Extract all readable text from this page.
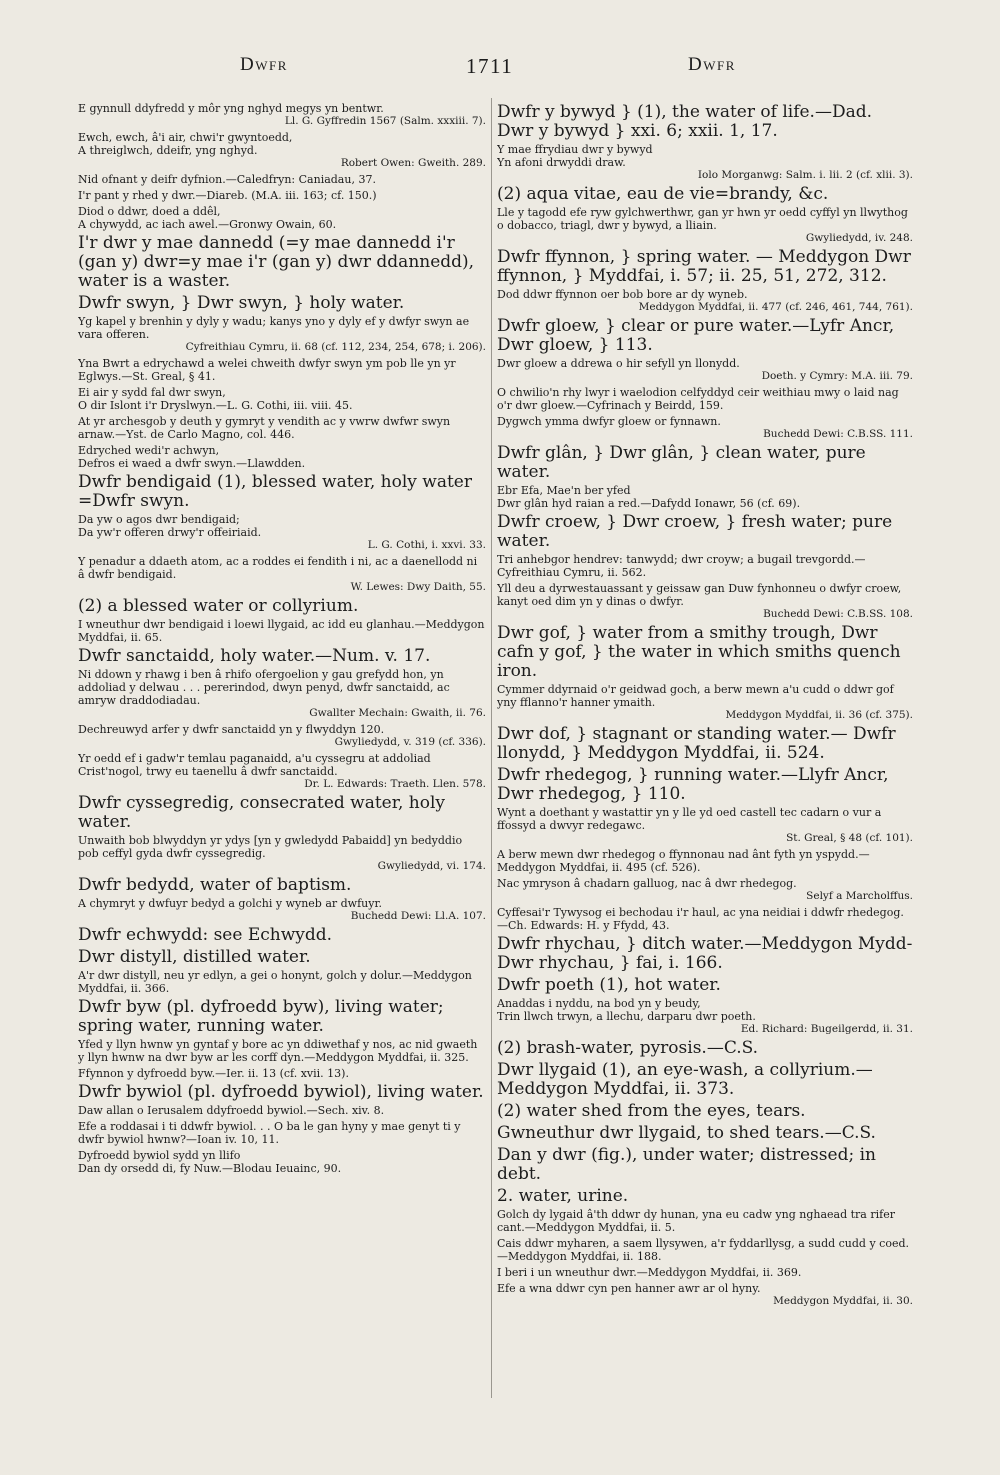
Dwfr	1711	Dwfr
E gynnull ddyfredd y môr yng nghyd megys yn bentwr.
Ll. G. Gyffredin 1567 (Salm. xxxiii. 7).
Ewch, ewch, â'i air, chwi'r gwyntoedd,
A threiglwch, ddeifr, yng nghyd.
Robert Owen: Gweith. 289.
Nid ofnant y deifr dyfnion.—Caledfryn: Caniadau, 37.
I'r pant y rhed y dwr.—Diareb. (M.A. iii. 163; cf. 150.)
Diod o ddwr, doed a ddêl,
A chywydd, ac iach awel.—Gronwy Owain, 60.
I'r dwr y mae dannedd (=y mae dannedd i'r (gan y) dwr=y mae i'r (gan y) dwr ddannedd), water is a waster.
Dwfr swyn, } Dwr swyn, } holy water.
Yg kapel y brenhin y dyly y wadu; kanys yno y dyly ef y dwfyr swyn ae vara offeren.
Cyfreithiau Cymru, ii. 68 (cf. 112, 234, 254, 678; i. 206).
Yna Bwrt a edrychawd a welei chweith dwfyr swyn ym pob lle yn yr Eglwys.—St. Greal, § 41.
Ei air y sydd fal dwr swyn,
O dir Islont i'r Dryslwyn.—L. G. Cothi, iii. viii. 45.
At yr archesgob y deuth y gymryt y vendith ac y vwrw dwfwr swyn arnaw.—Yst. de Carlo Magno, col. 446.
Edryched wedi'r achwyn,
Defros ei waed a dwfr swyn.—Llawdden.
Dwfr bendigaid (1), blessed water, holy water =Dwfr swyn.
Da yw o agos dwr bendigaid;
Da yw'r offeren drwy'r offeiriaid.
L. G. Cothi, i. xxvi. 33.
Y penadur a ddaeth atom, ac a roddes ei fendith i ni, ac a daenellodd ni â dwfr bendigaid.
W. Lewes: Dwy Daith, 55.
(2) a blessed water or collyrium.
I wneuthur dwr bendigaid i loewi llygaid, ac idd eu glanhau.—Meddygon Myddfai, ii. 65.
Dwfr sanctaidd, holy water.—Num. v. 17.
Ni ddown y rhawg i ben â rhifo ofergoelion y gau grefydd hon, yn addoliad y delwau . . . pererindod, dwyn penyd, dwfr sanctaidd, ac amryw draddodiadau.
Gwallter Mechain: Gwaith, ii. 76.
Dechreuwyd arfer y dwfr sanctaidd yn y flwyddyn 120.
Gwyliedydd, v. 319 (cf. 336).
Yr oedd ef i gadw'r temlau paganaidd, a'u cyssegru at addoliad Crist'nogol, trwy eu taenellu â dwfr sanctaidd.
Dr. L. Edwards: Traeth. Llen. 578.
Dwfr cyssegredig, consecrated water, holy water.
Unwaith bob blwyddyn yr ydys [yn y gwledydd Pabaidd] yn bedyddio pob ceffyl gyda dwfr cyssegredig.
Gwyliedydd, vi. 174.
Dwfr bedydd, water of baptism.
A chymryt y dwfuyr bedyd a golchi y wyneb ar dwfuyr.
Buchedd Dewi: Ll.A. 107.
Dwfr echwydd: see Echwydd.
Dwr distyll, distilled water.
A'r dwr distyll, neu yr edlyn, a gei o honynt, golch y dolur.—Meddygon Myddfai, ii. 366.
Dwfr byw (pl. dyfroedd byw), living water; spring water, running water.
Yfed y llyn hwnw yn gyntaf y bore ac yn ddiwethaf y nos, ac nid gwaeth y llyn hwnw na dwr byw ar les corff dyn.—Meddygon Myddfai, ii. 325.
Ffynnon y dyfroedd byw.—Ier. ii. 13 (cf. xvii. 13).
Dwfr bywiol (pl. dyfroedd bywiol), living water.
Daw allan o Ierusalem ddyfroedd bywiol.—Sech. xiv. 8.
Efe a roddasai i ti ddwfr bywiol. . . O ba le gan hyny y mae genyt ti y dwfr bywiol hwnw?—Ioan iv. 10, 11.
Dyfroedd bywiol sydd yn llifo
Dan dy orsedd di, fy Nuw.—Blodau Ieuainc, 90.
Dwfr y bywyd } (1), the water of life.—Dad. Dwr y bywyd } xxi. 6; xxii. 1, 17.
Y mae ffrydiau dwr y bywyd
Yn afoni drwyddi draw.
Iolo Morganwg: Salm. i. lii. 2 (cf. xlii. 3).
(2) aqua vitae, eau de vie=brandy, &c.
Lle y tagodd efe ryw gylchwerthwr, gan yr hwn yr oedd cyffyl yn llwythog o dobacco, triagl, dwr y bywyd, a lliain.
Gwyliedydd, iv. 248.
Dwfr ffynnon, } spring water. — Meddygon Dwr ffynnon, } Myddfai, i. 57; ii. 25, 51, 272, 312.
Dod ddwr ffynnon oer bob bore ar dy wyneb.
Meddygon Myddfai, ii. 477 (cf. 246, 461, 744, 761).
Dwfr gloew, } clear or pure water.—Lyfr Ancr, Dwr gloew, } 113.
Dwr gloew a ddrewa o hir sefyll yn llonydd.
Doeth. y Cymry: M.A. iii. 79.
O chwilio'n rhy lwyr i waelodion celfyddyd ceir weithiau mwy o laid nag o'r dwr gloew.—Cyfrinach y Beirdd, 159.
Dygwch ymma dwfyr gloew or fynnawn.
Buchedd Dewi: C.B.SS. 111.
Dwfr glân, } Dwr glân, } clean water, pure water.
Ebr Efa, Mae'n ber yfed
Dwr glân hyd raian a red.—Dafydd Ionawr, 56 (cf. 69).
Dwfr croew, } Dwr croew, } fresh water; pure water.
Tri anhebgor hendrev: tanwydd; dwr croyw; a bugail trevgordd.—Cyfreithiau Cymru, ii. 562.
Yll deu a dyrwestauassant y geissaw gan Duw fynhonneu o dwfyr croew, kanyt oed dim yn y dinas o dwfyr.
Buchedd Dewi: C.B.SS. 108.
Dwr gof, } water from a smithy trough, Dwr cafn y gof, } the water in which smiths quench iron.
Cymmer ddyrnaid o'r geidwad goch, a berw mewn a'u cudd o ddwr gof yny fflanno'r hanner ymaith.
Meddygon Myddfai, ii. 36 (cf. 375).
Dwr dof, } stagnant or standing water.— Dwfr llonydd, } Meddygon Myddfai, ii. 524.
Dwfr rhedegog, } running water.—Llyfr Ancr, Dwr rhedegog, } 110.
Wynt a doethant y wastattir yn y lle yd oed castell tec cadarn o vur a ffossyd a dwvyr redegawc.
St. Greal, § 48 (cf. 101).
A berw mewn dwr rhedegog o ffynnonau nad ânt fyth yn yspydd.—Meddygon Myddfai, ii. 495 (cf. 526).
Nac ymryson â chadarn galluog, nac â dwr rhedegog.
Selyf a Marcholffus.
Cyffesai'r Tywysog ei bechodau i'r haul, ac yna neidiai i ddwfr rhedegog.—Ch. Edwards: H. y Ffydd, 43.
Dwfr rhychau, } ditch water.—Meddygon Mydd- Dwr rhychau, } fai, i. 166.
Dwfr poeth (1), hot water.
Anaddas i nyddu, na bod yn y beudy,
Trin llwch trwyn, a llechu, darparu dwr poeth.
Ed. Richard: Bugeilgerdd, ii. 31.
(2) brash-water, pyrosis.—C.S.
Dwr llygaid (1), an eye-wash, a collyrium.—Meddygon Myddfai, ii. 373.
(2) water shed from the eyes, tears.
Gwneuthur dwr llygaid, to shed tears.—C.S.
Dan y dwr (fig.), under water; distressed; in debt.
2. water, urine.
Golch dy lygaid â'th ddwr dy hunan, yna eu cadw yng nghaead tra rifer cant.—Meddygon Myddfai, ii. 5.
Cais ddwr myharen, a saem llysywen, a'r fyddarllysg, a sudd cudd y coed.—Meddygon Myddfai, ii. 188.
I beri i un wneuthur dwr.—Meddygon Myddfai, ii. 369.
Efe a wna ddwr cyn pen hanner awr ar ol hyny.
Meddygon Myddfai, ii. 30.
